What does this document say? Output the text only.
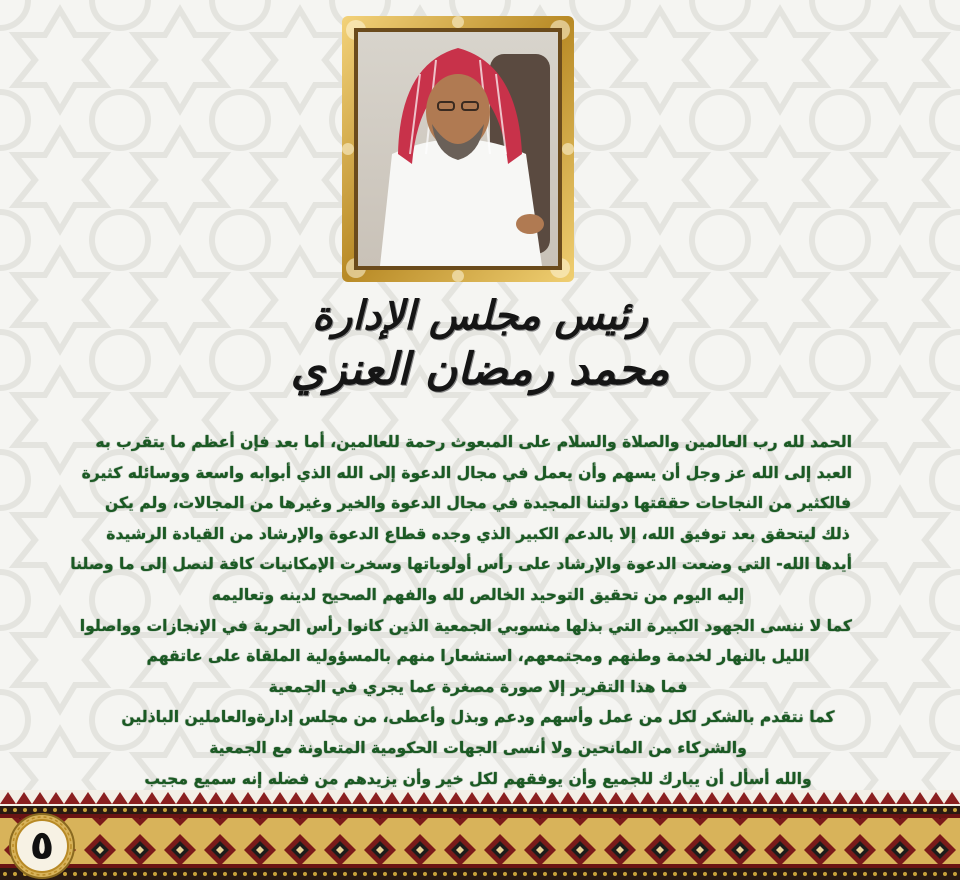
رئيس مجلس الإدارة
محمد رمضان العنزي

الحمد لله رب العالمين والصلاة والسلام على المبعوث رحمة للعالمين، أما بعد فإن أعظم ما يتقرب به

العبد إلى الله عز وجل أن يسهم وأن يعمل في مجال الدعوة إلى الله الذي أبوابه واسعة ووسائله كثيرة

فالكثير من النجاحات حققتها دولتنا المجيدة في مجال الدعوة والخير وغيرها من المجالات، ولم يكن

ذلك ليتحقق بعد توفيق الله، إلا بالدعم الكبير الذي وجده قطاع الدعوة والإرشاد من القيادة الرشيدة

أيدها الله- التي وضعت الدعوة والإرشاد على رأس أولوياتها وسخرت الإمكانيات كافة لنصل إلى ما وصلنا

إليه اليوم من تحقيق التوحيد الخالص لله والفهم الصحيح لدينه وتعاليمه

كما لا ننسى الجهود الكبيرة التي بذلها منسوبي الجمعية الذين كانوا رأس الحربة في الإنجازات وواصلوا

الليل بالنهار لخدمة وطنهم ومجتمعهم، استشعارا منهم بالمسؤولية الملقاة على عاتقهم

فما هذا التقرير إلا صورة مصغرة عما يجري في الجمعية

كما نتقدم بالشكر لكل من عمل وأسهم ودعم وبذل وأعطى، من مجلس إدارةوالعاملين الباذلين

والشركاء من المانحين ولا أنسى الجهات الحكومية المتعاونة مع الجمعية

والله أسأل أن يبارك للجميع وأن يوفقهم لكل خير وأن يزيدهم من فضله إنه سميع مجيب

٥
